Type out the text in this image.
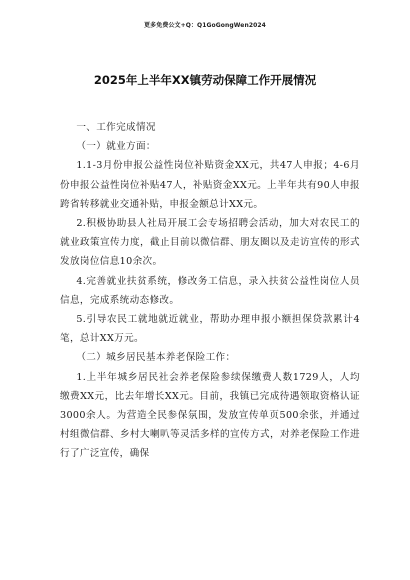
更多免费公文+Q：Q1GoGongWen2024
2025年上半年XX镇劳动保障工作开展情况

一、工作完成情况

（一）就业方面：

1.1-3月份申报公益性岗位补贴资金XX元，共47人申报；4-6月份申报公益性岗位补贴47人，补贴资金XX元。上半年共有90人申报跨省转移就业交通补贴，申报金额总计XX元。

2.积极协助县人社局开展工会专场招聘会活动，加大对农民工的就业政策宣传力度，截止目前以微信群、朋友圈以及走访宣传的形式发放岗位信息10余次。

4.完善就业扶贫系统，修改务工信息，录入扶贫公益性岗位人员信息，完成系统动态修改。

5.引导农民工就地就近就业，帮助办理申报小额担保贷款累计4笔，总计XX万元。

（二）城乡居民基本养老保险工作：

1.上半年城乡居民社会养老保险参续保缴费人数1729人，人均缴费XX元，比去年增长XX元。目前，我镇已完成待遇领取资格认证3000余人。为营造全民参保氛围，发放宣传单页500余张，并通过村组微信群、乡村大喇叭等灵活多样的宣传方式，对养老保险工作进行了广泛宣传，确保
